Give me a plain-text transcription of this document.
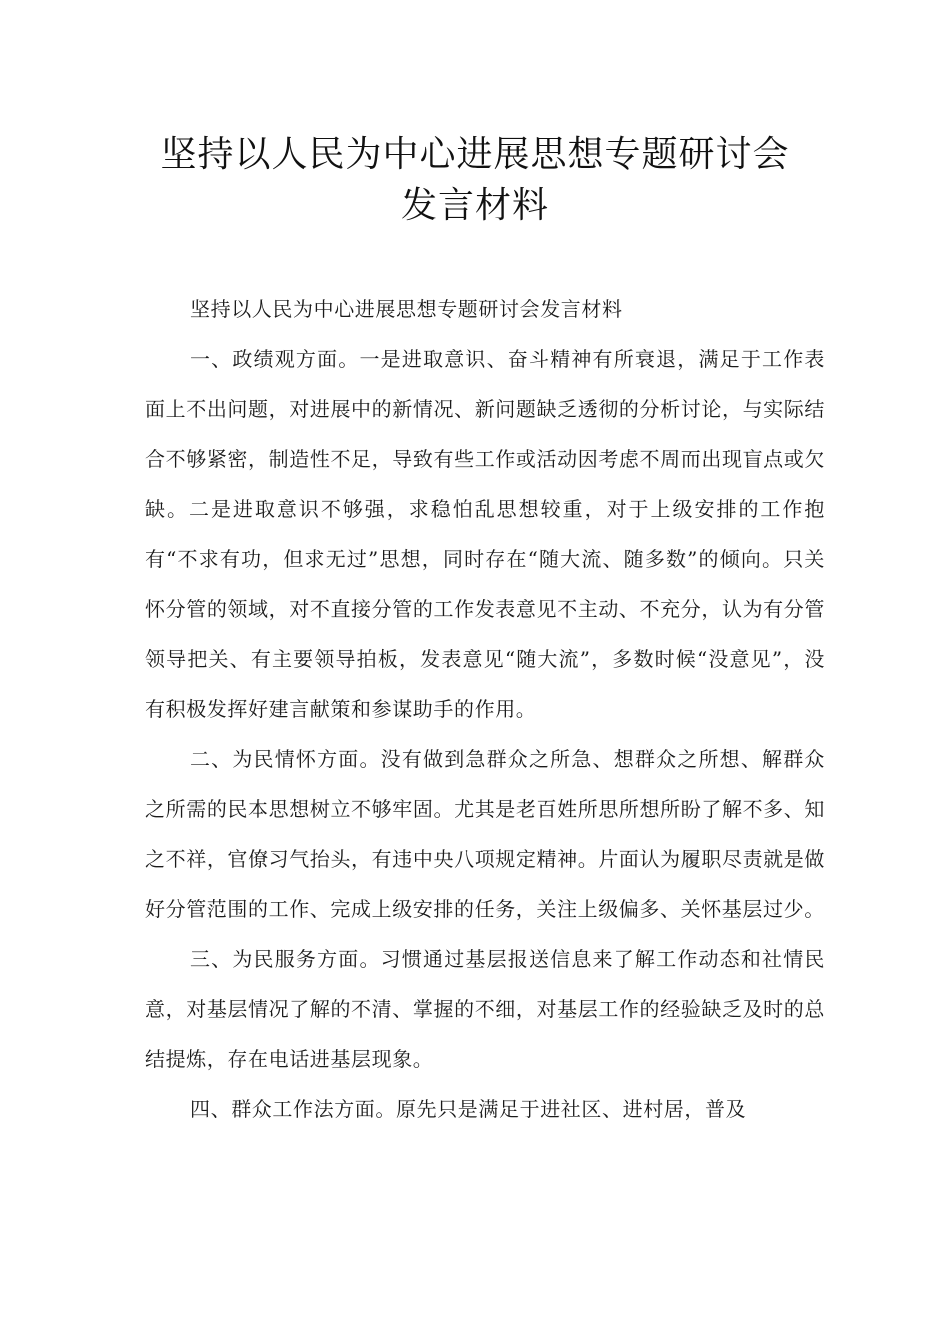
坚持以人民为中心进展思想专题研讨会
发言材料

坚持以人民为中心进展思想专题研讨会发言材料

一、政绩观方面。一是进取意识、奋斗精神有所衰退，满足于工作表面上不出问题，对进展中的新情况、新问题缺乏透彻的分析讨论，与实际结合不够紧密，制造性不足，导致有些工作或活动因考虑不周而出现盲点或欠缺。二是进取意识不够强，求稳怕乱思想较重，对于上级安排的工作抱有“不求有功，但求无过”思想，同时存在“随大流、随多数”的倾向。只关怀分管的领域，对不直接分管的工作发表意见不主动、不充分，认为有分管领导把关、有主要领导拍板，发表意见“随大流”，多数时候“没意见”，没有积极发挥好建言献策和参谋助手的作用。

二、为民情怀方面。没有做到急群众之所急、想群众之所想、解群众之所需的民本思想树立不够牢固。尤其是老百姓所思所想所盼了解不多、知之不祥，官僚习气抬头，有违中央八项规定精神。片面认为履职尽责就是做好分管范围的工作、完成上级安排的任务，关注上级偏多、关怀基层过少。

三、为民服务方面。习惯通过基层报送信息来了解工作动态和社情民意，对基层情况了解的不清、掌握的不细，对基层工作的经验缺乏及时的总结提炼，存在电话进基层现象。

四、群众工作法方面。原先只是满足于进社区、进村居，普及
